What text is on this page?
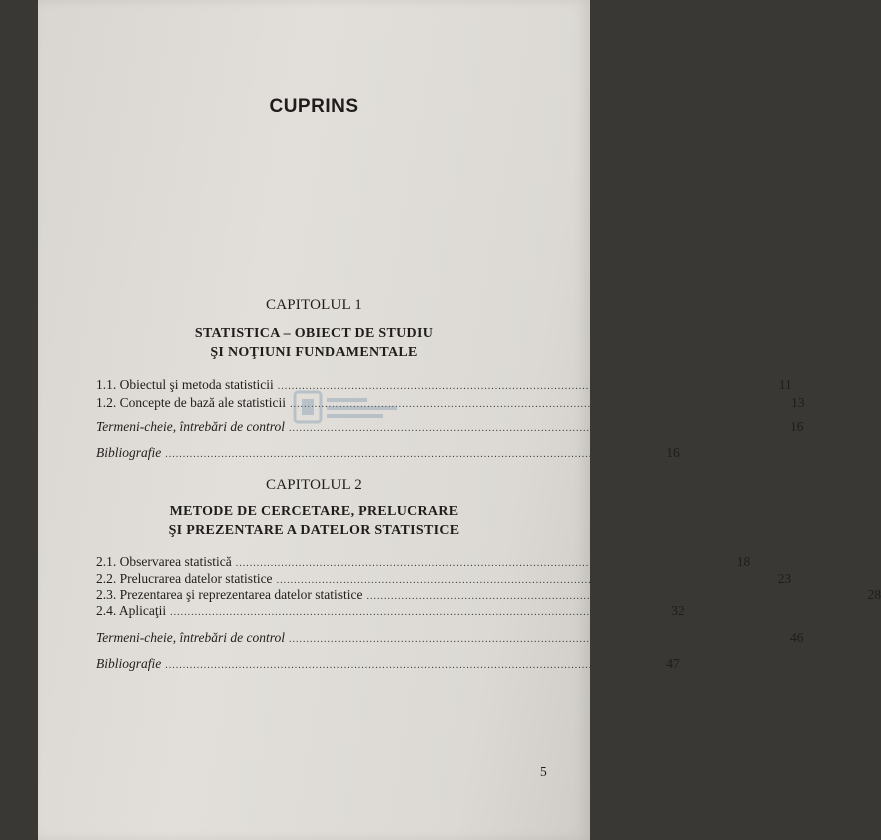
CUPRINS
CAPITOLUL 1
STATISTICA – OBIECT DE STUDIU
ŞI NOŢIUNI FUNDAMENTALE
1.1. Obiectul şi metoda statisticii .............................................................................................................................................. 11
1.2. Concepte de bază ale statisticii .............................................................................................................................................. 13
Termeni-cheie, întrebări de control .............................................................................................................................................. 16
Bibliografie .............................................................................................................................................. 16
CAPITOLUL 2
METODE DE CERCETARE, PRELUCRARE
ŞI PREZENTARE A DATELOR STATISTICE
2.1. Observarea statistică .............................................................................................................................................. 18
2.2. Prelucrarea datelor statistice .............................................................................................................................................. 23
2.3. Prezentarea şi reprezentarea datelor statistice .............................................................................................................................................. 28
2.4. Aplicaţii .............................................................................................................................................. 32
Termeni-cheie, întrebări de control .............................................................................................................................................. 46
Bibliografie .............................................................................................................................................. 47
5
